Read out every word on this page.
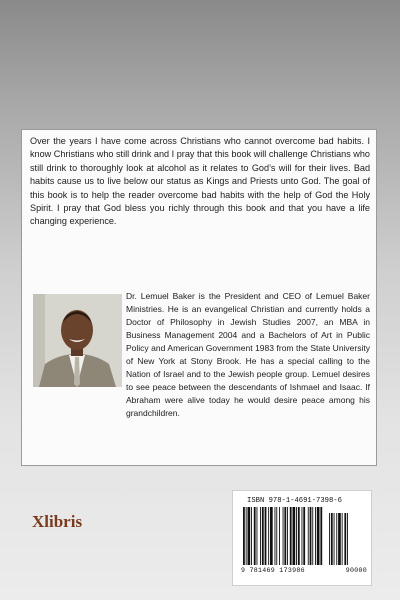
Over the years I have come across Christians who cannot overcome bad habits. I know Christians who still drink and I pray that this book will challenge Christians who still drink to thoroughly look at alcohol as it relates to God’s will for their lives. Bad habits cause us to live below our status as Kings and Priests unto God. The goal of this book is to help the reader overcome bad habits with the help of God the Holy Spirit. I pray that God bless you richly through this book and that you have a life changing experience.

Dr. Lemuel Baker is the President and CEO of Lemuel Baker Ministries. He is an evangelical Christian and currently holds a Doctor of Philosophy in Jewish Studies 2007, an MBA in Business Management 2004 and a Bachelors of Art in Public Policy and American Government 1983 from the State University of New York at Stony Brook. He has a special calling to the Nation of Israel and to the Jewish people group. Lemuel desires to see peace between the descendants of Ishmael and Isaac. If Abraham were alive today he would desire peace among his grandchildren.

Xlibris
ISBN 978-1-4691-7398-6
9 781469 173986	90000
